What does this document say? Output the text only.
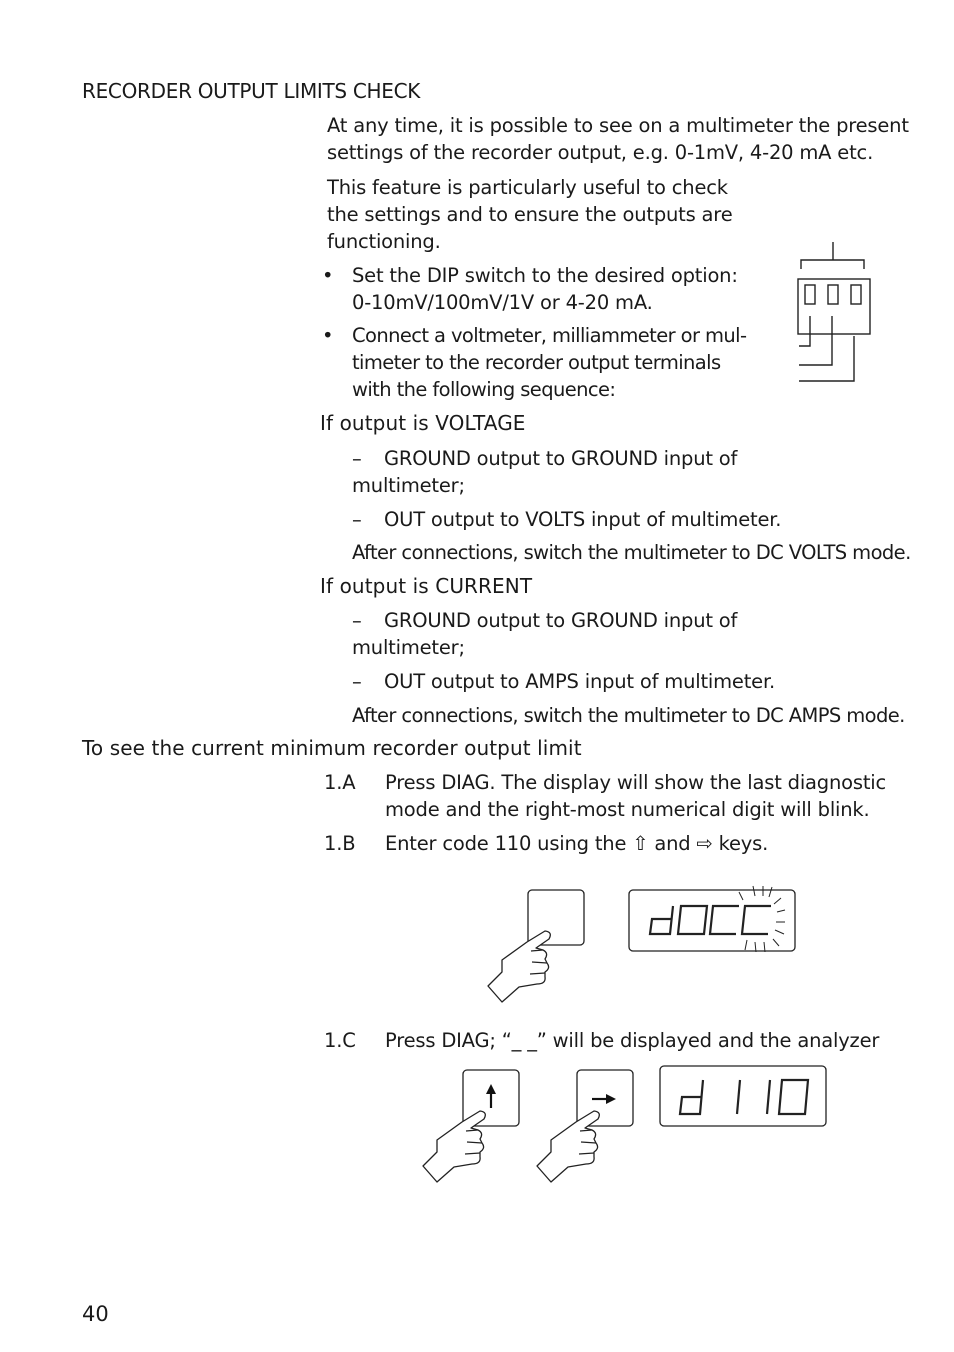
RECORDER OUTPUT LIMITS CHECK
At any time, it is possible to see on a multimeter the present
settings of the recorder output, e.g. 0-1mV, 4-20 mA etc.
This feature is particularly useful to check
the settings and to ensure the outputs are
functioning.
• Set the DIP switch to the desired option:
0-10mV/100mV/1V or 4-20 mA.
• Connect a voltmeter, milliammeter or mul-
timeter to the recorder output terminals
with the following sequence:
If output is VOLTAGE
– GROUND output to GROUND input of
multimeter;
– OUT output to VOLTS input of multimeter.
After connections, switch the multimeter to DC VOLTS mode.
If output is CURRENT
– GROUND output to GROUND input of
multimeter;
– OUT output to AMPS input of multimeter.
After connections, switch the multimeter to DC AMPS mode.
To see the current minimum recorder output limit
1.A Press DIAG. The display will show the last diagnostic
mode and the right-most numerical digit will blink.
1.B Enter code 110 using the ⇧ and ⇨ keys.
1.C Press DIAG; “_ _” will be displayed and the analyzer
40
